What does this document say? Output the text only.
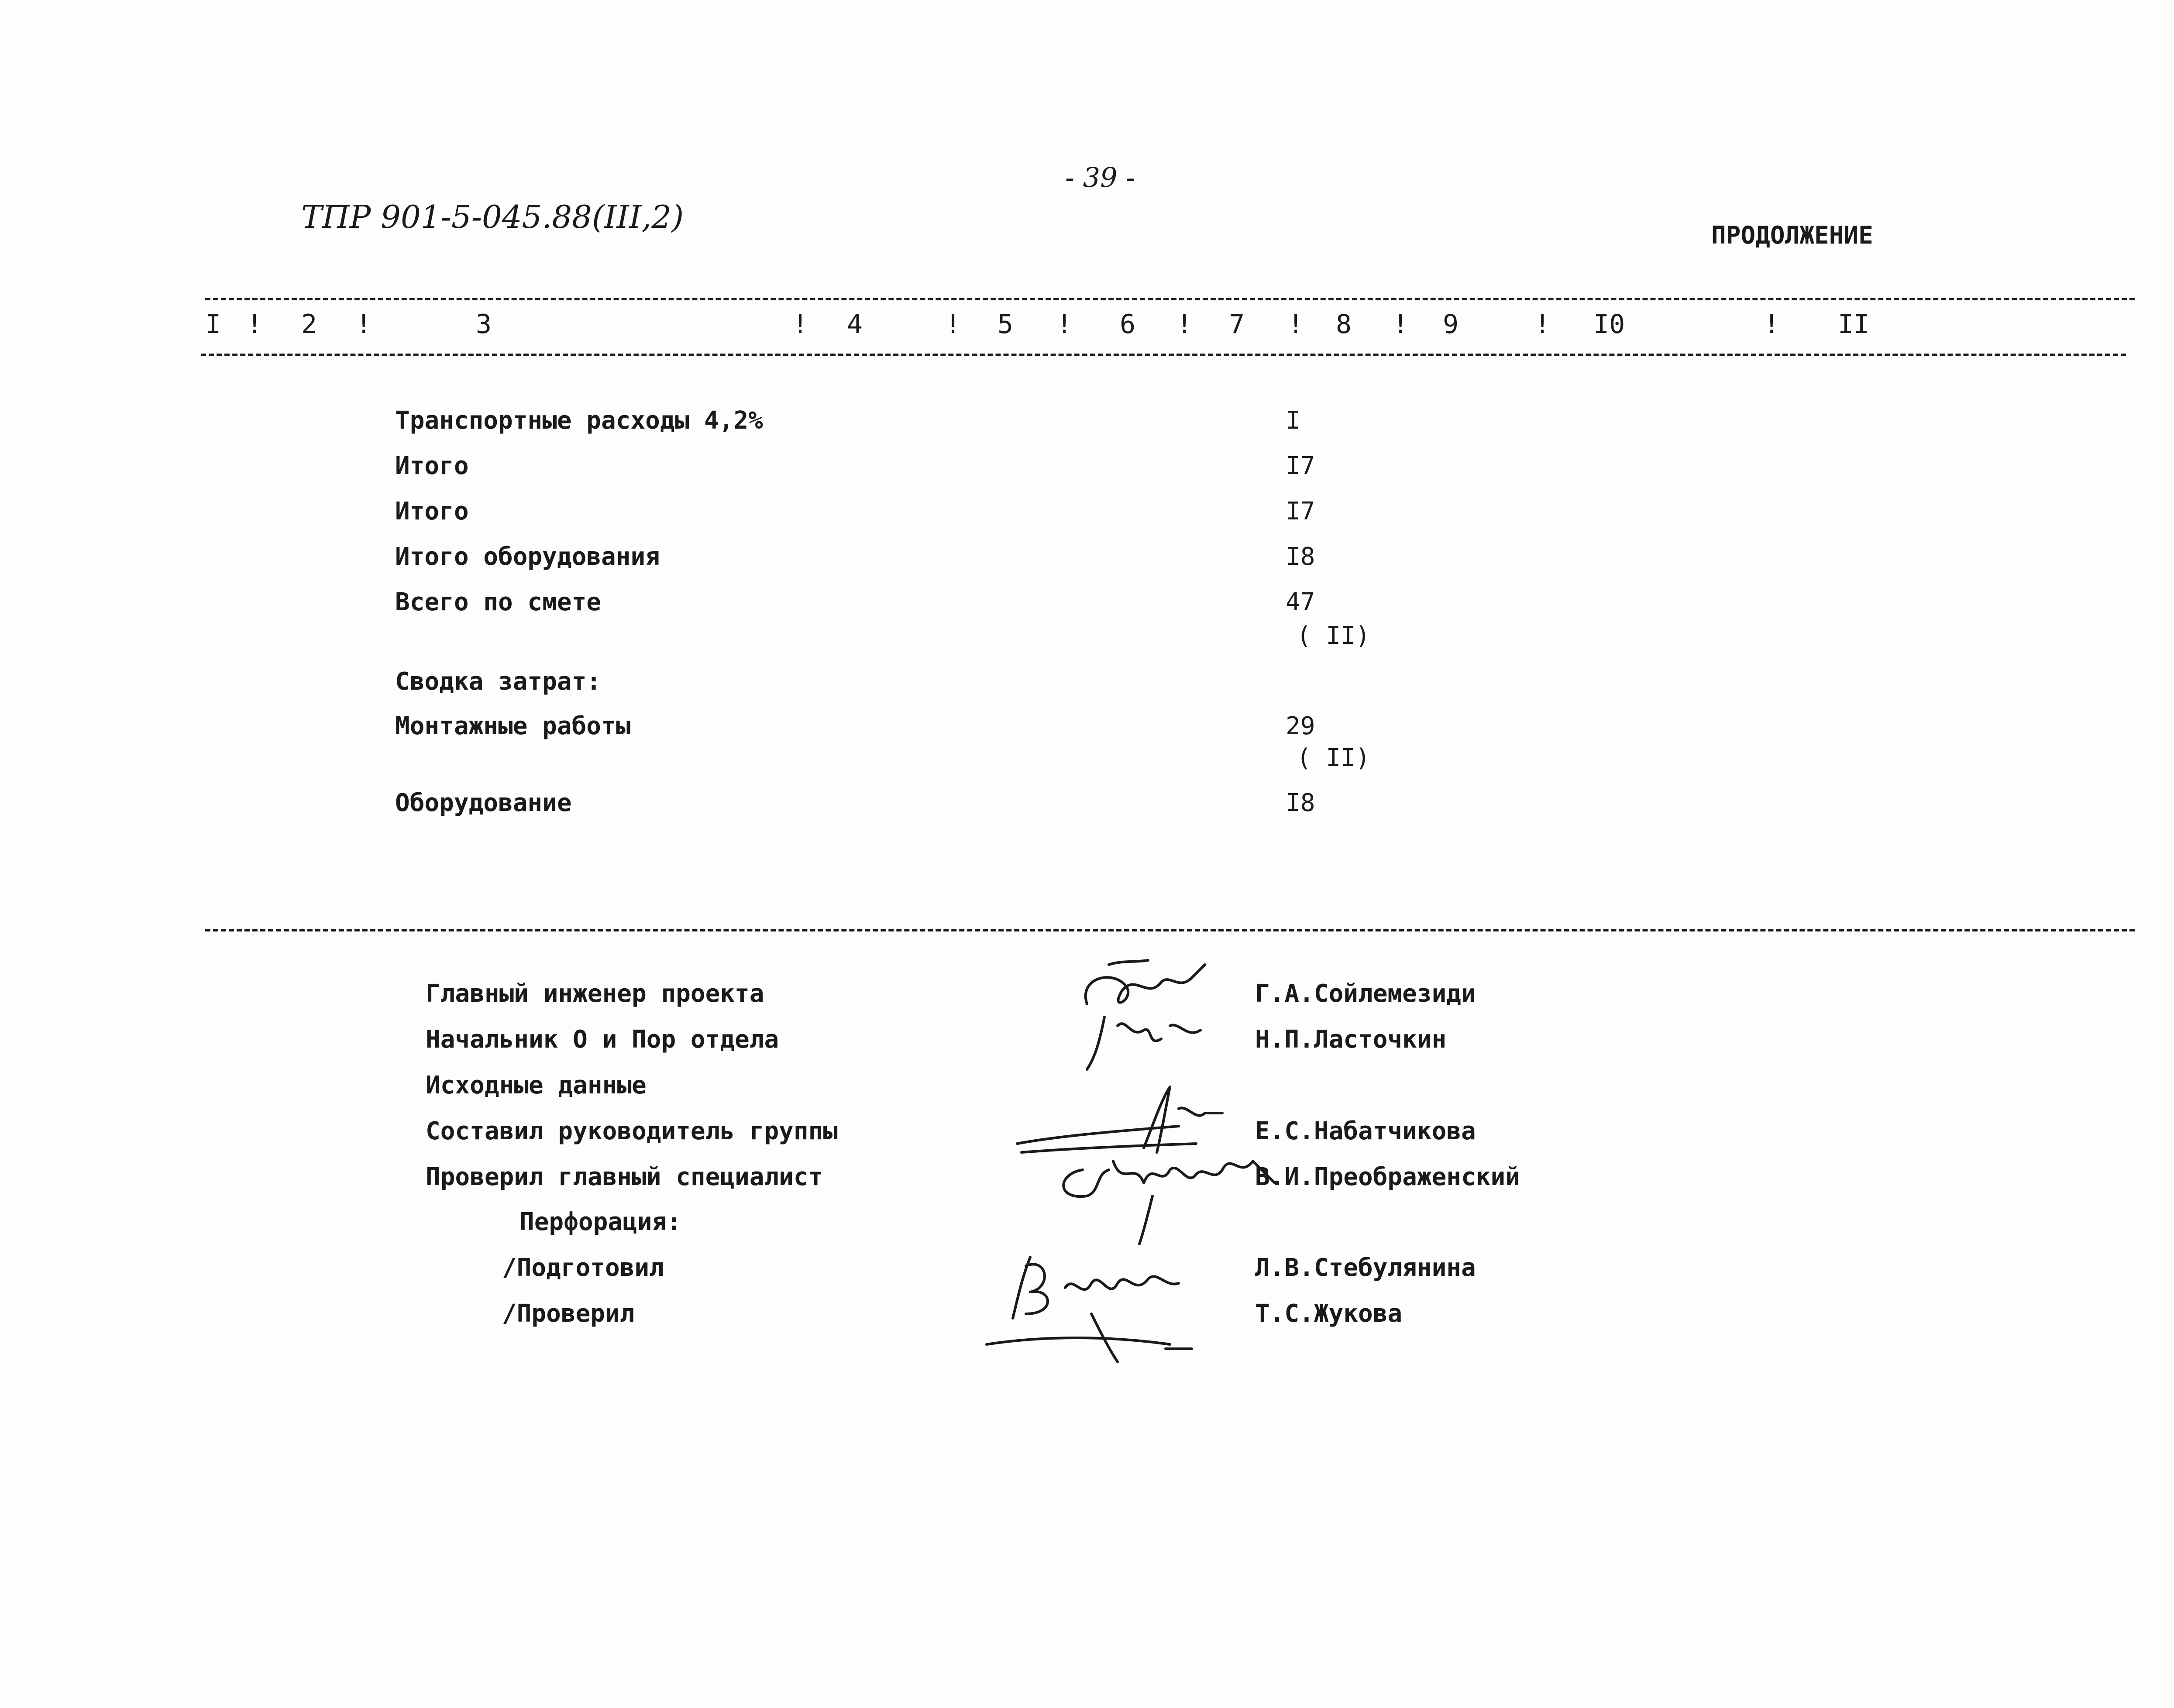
- 39 -
ТПР 901-5-045.88(III,2)
ПРОДОЛЖЕНИЕ
I ! 2 !	3	! 4	! 5 ! 6 ! 7 ! 8 ! 9	! I0	! II
Транспортные расходы 4,2%	I
Итого	I7
Итого	I7
Итого оборудования	I8
Всего по смете	47
( II)
Сводка затрат:
Монтажные работы	29
( II)
Оборудование	I8
Главный инженер проекта	Г.А.Сойлемезиди
Начальник О и Пор отдела	Н.П.Ласточкин
Исходные данные
Составил руководитель группы	Е.С.Набатчикова
Проверил главный специалист	В.И.Преображенский
Перфорация:
/Подготовил	Л.В.Стебулянина
/Проверил	Т.С.Жукова
